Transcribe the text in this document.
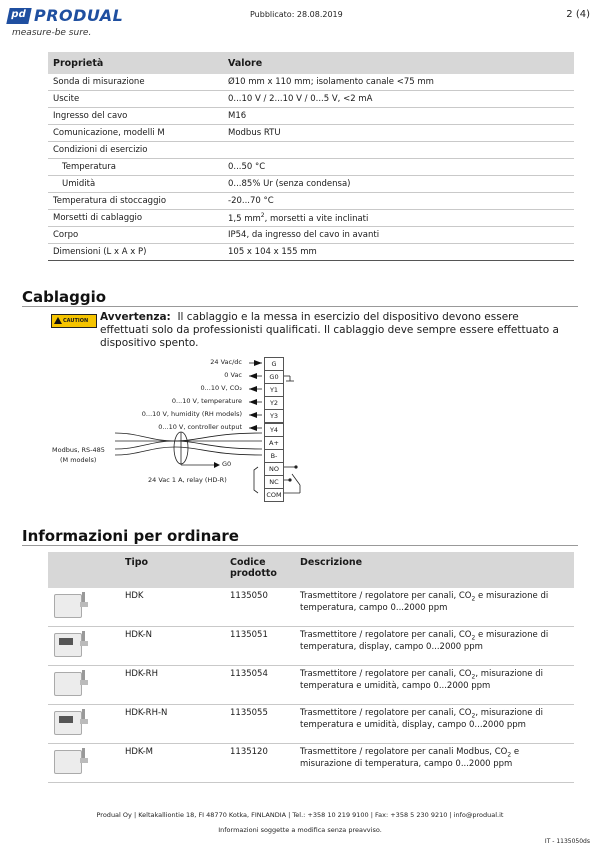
pd PRODUAL
measure-be sure.
Pubblicato: 28.08.2019	2 (4)
Proprietà	Valore
Sonda di misurazione	Ø10 mm x 110 mm; isolamento canale <75 mm
Uscite	0...10 V / 2...10 V / 0...5 V, <2 mA
Ingresso del cavo	M16
Comunicazione, modelli M	Modbus RTU
Condizioni di esercizio	
Temperatura	0...50 °C
Umidità	0...85% Ur (senza condensa)
Temperatura di stoccaggio	-20...70 °C
Morsetti di cablaggio	1,5 $mm^2$, morsetti a vite inclinati
Corpo	IP54, da ingresso del cavo in avanti
Dimensioni (L x A x P)	105 x 104 x 155 mm
Cablaggio
CAUTION	Avvertenza: Il cablaggio e la messa in esercizio del dispositivo devono essere effettuati solo da professionisti qualificati. Il cablaggio deve sempre essere effettuato a dispositivo spento.
24 Vac/dc
0 Vac
0...10 V, CO₂
0...10 V, temperature
0...10 V, humidity (RH models)
0...10 V, controller output
Modbus, RS-485
(M models)	G0
24 Vac 1 A, relay (HD-R)
G
G0
Y1
Y2
Y3
Y4
A+
B-
NO
NC
COM
Informazioni per ordinare
	Tipo	Codice prodotto	Descrizione

	HDK	1135050	Trasmettitore / regolatore per canali, $CO_2$ e misurazione di temperatura, campo 0...2000 ppm

	HDK-N	1135051	Trasmettitore / regolatore per canali, $CO_2$ e misurazione di temperatura, display, campo 0...2000 ppm

	HDK-RH	1135054	Trasmettitore / regolatore per canali, $CO_2$, misurazione di temperatura e umidità, campo 0...2000 ppm

	HDK-RH-N	1135055	Trasmettitore / regolatore per canali, $CO_2$, misurazione di temperatura e umidità, display, campo 0...2000 ppm

	HDK-M	1135120	Trasmettitore / regolatore per canali Modbus, $CO_2$ e misurazione di temperatura, campo 0...2000 ppm
Produal Oy | Keltakalliontie 18, FI 48770 Kotka, FINLANDIA | Tel.: +358 10 219 9100 | Fax: +358 5 230 9210 | info@produal.it
Informazioni soggette a modifica senza preavviso.
IT - 1135050ds
